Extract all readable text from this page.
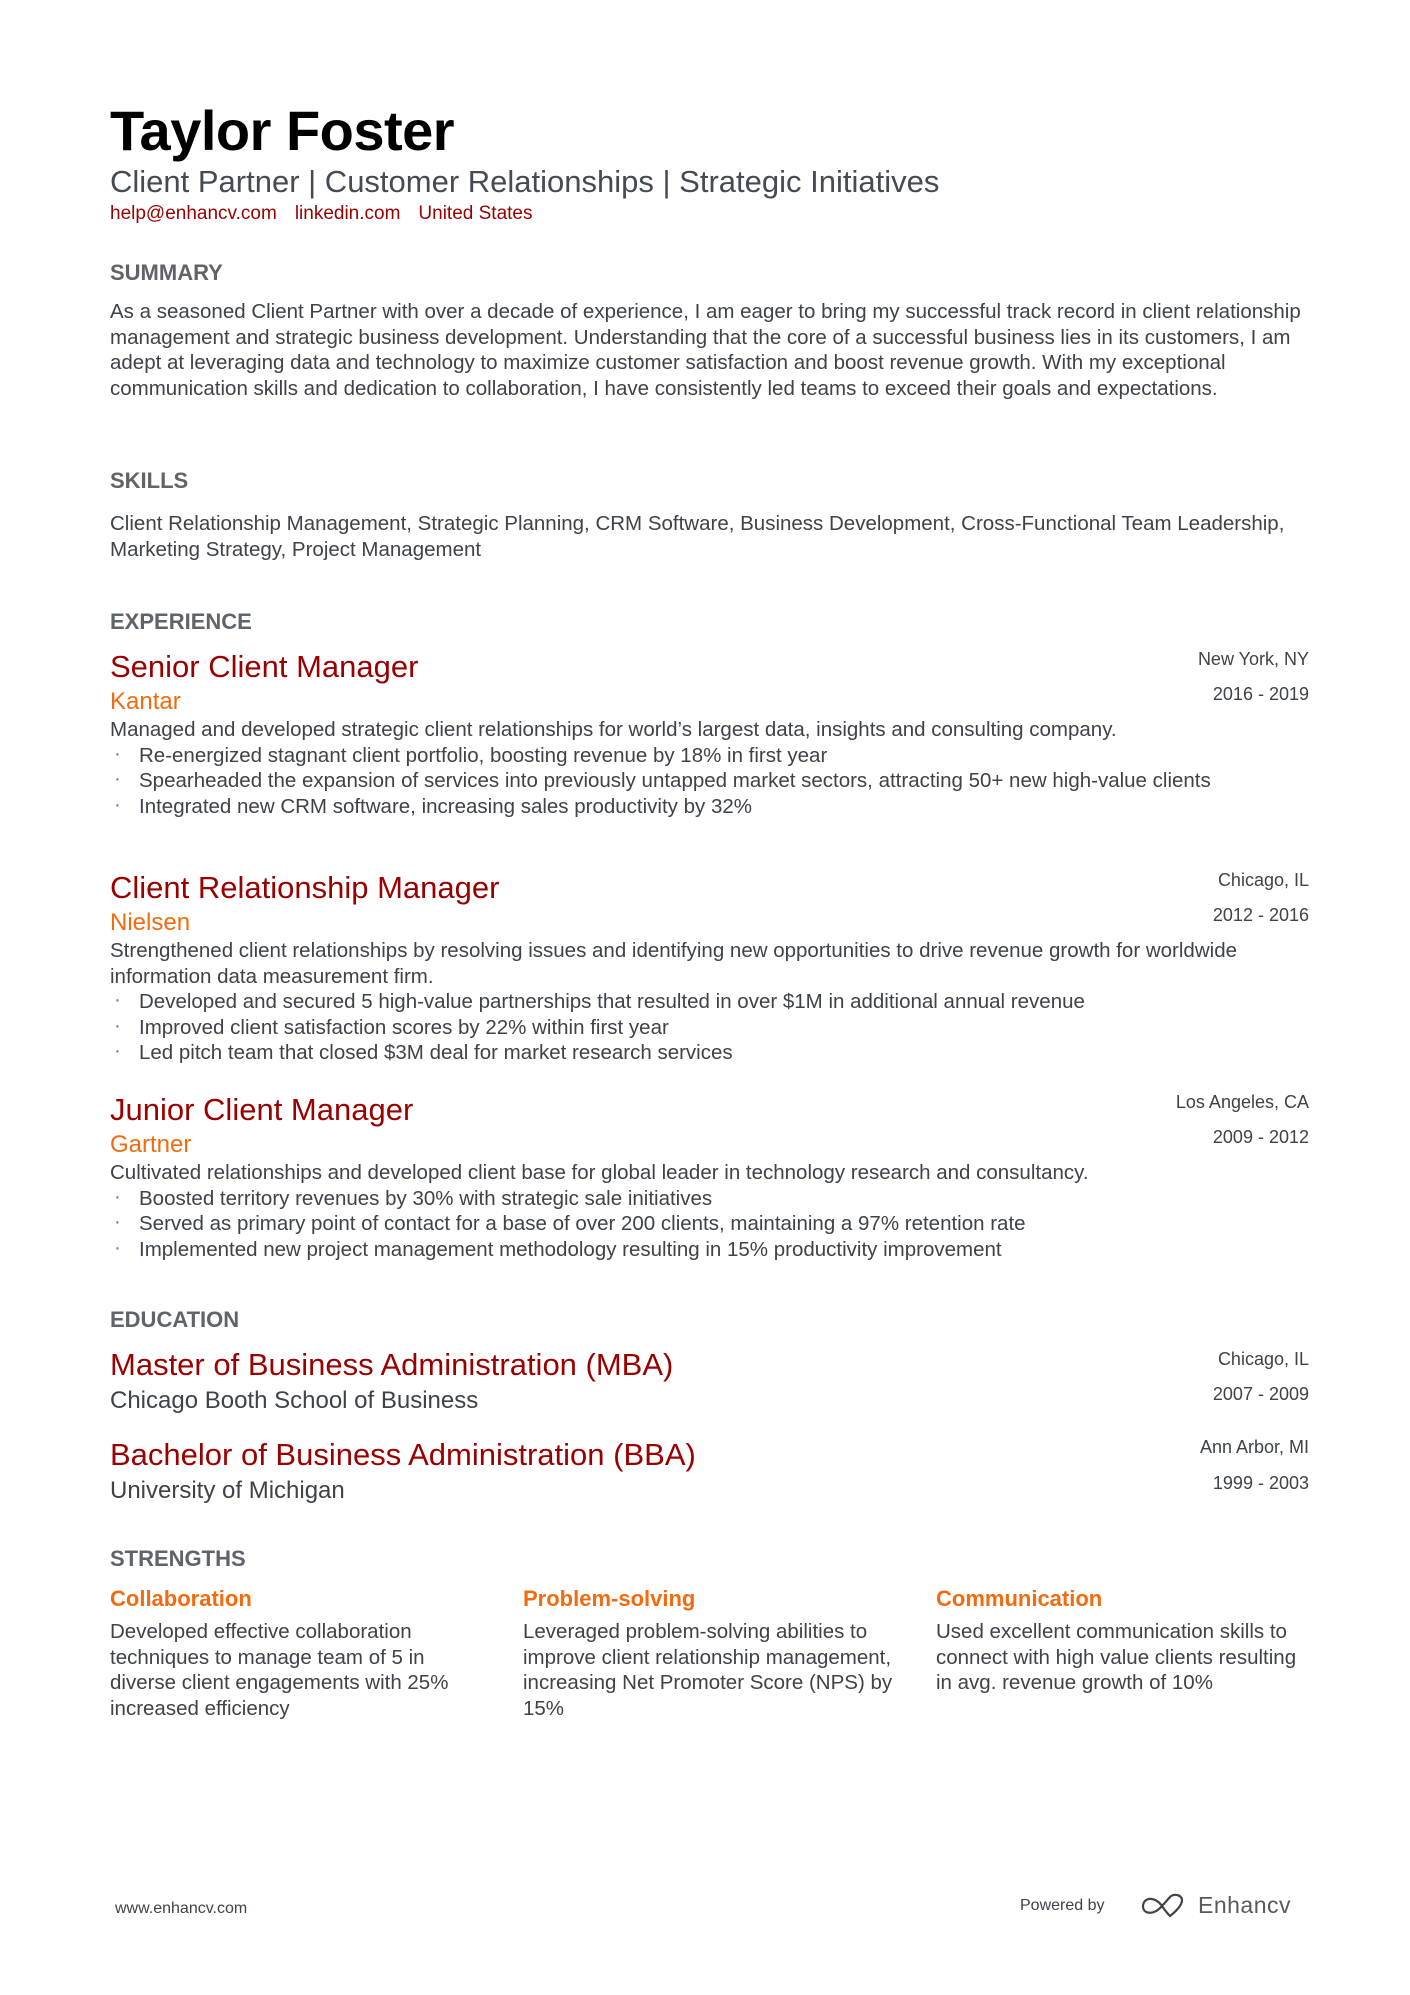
Taylor Foster
Client Partner | Customer Relationships | Strategic Initiatives
help@enhancv.com linkedin.com United States
SUMMARY
As a seasoned Client Partner with over a decade of experience, I am eager to bring my successful track record in client relationship management and strategic business development. Understanding that the core of a successful business lies in its customers, I am adept at leveraging data and technology to maximize customer satisfaction and boost revenue growth. With my exceptional communication skills and dedication to collaboration, I have consistently led teams to exceed their goals and expectations.
SKILLS
Client Relationship Management, Strategic Planning, CRM Software, Business Development, Cross-Functional Team Leadership, Marketing Strategy, Project Management
EXPERIENCE
Senior Client Manager
Kantar
New York, NY
2016 - 2019
Managed and developed strategic client relationships for world’s largest data, insights and consulting company.
· Re-energized stagnant client portfolio, boosting revenue by 18% in first year
· Spearheaded the expansion of services into previously untapped market sectors, attracting 50+ new high-value clients
· Integrated new CRM software, increasing sales productivity by 32%
Client Relationship Manager
Nielsen
Chicago, IL
2012 - 2016
Strengthened client relationships by resolving issues and identifying new opportunities to drive revenue growth for worldwide information data measurement firm.
· Developed and secured 5 high-value partnerships that resulted in over $1M in additional annual revenue
· Improved client satisfaction scores by 22% within first year
· Led pitch team that closed $3M deal for market research services
Junior Client Manager
Gartner
Los Angeles, CA
2009 - 2012
Cultivated relationships and developed client base for global leader in technology research and consultancy.
· Boosted territory revenues by 30% with strategic sale initiatives
· Served as primary point of contact for a base of over 200 clients, maintaining a 97% retention rate
· Implemented new project management methodology resulting in 15% productivity improvement
EDUCATION
Master of Business Administration (MBA)
Chicago Booth School of Business
Chicago, IL
2007 - 2009
Bachelor of Business Administration (BBA)
University of Michigan
Ann Arbor, MI
1999 - 2003
STRENGTHS
Collaboration
Developed effective collaboration techniques to manage team of 5 in diverse client engagements with 25% increased efficiency
Problem-solving
Leveraged problem-solving abilities to improve client relationship management, increasing Net Promoter Score (NPS) by 15%
Communication
Used excellent communication skills to connect with high value clients resulting in avg. revenue growth of 10%
www.enhancv.com	Powered by	Enhancv
